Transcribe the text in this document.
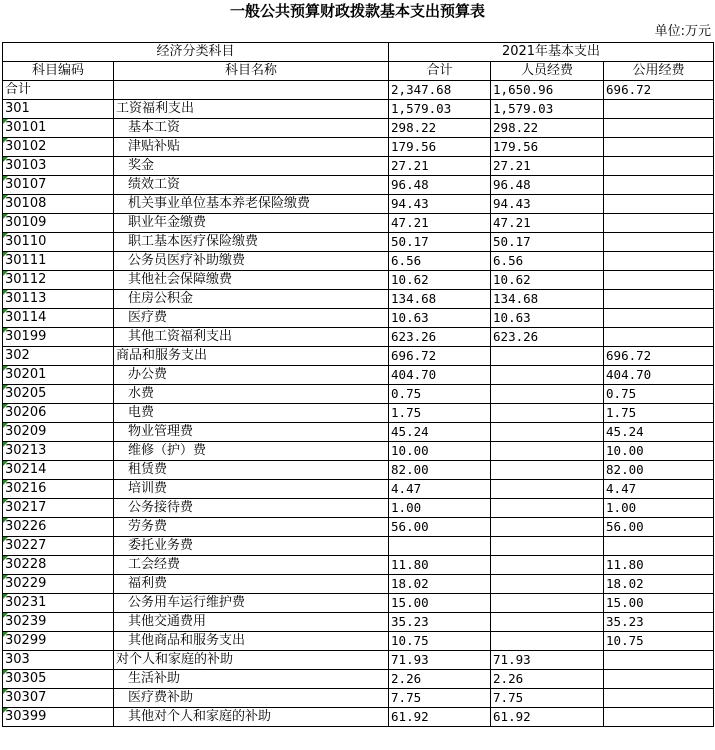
一般公共预算财政拨款基本支出预算表
单位:万元
经济分类科目		2021年基本支出		
科目编码	科目名称	合计	人员经费	公用经费
合计		2,347.68	1,650.96	696.72
301	工资福利支出	1,579.03	1,579.03	
30101	基本工资	298.22	298.22	
30102	津贴补贴	179.56	179.56	
30103	奖金	27.21	27.21	
30107	绩效工资	96.48	96.48	
30108	机关事业单位基本养老保险缴费	94.43	94.43	
30109	职业年金缴费	47.21	47.21	
30110	职工基本医疗保险缴费	50.17	50.17	
30111	公务员医疗补助缴费	6.56	6.56	
30112	其他社会保障缴费	10.62	10.62	
30113	住房公积金	134.68	134.68	
30114	医疗费	10.63	10.63	
30199	其他工资福利支出	623.26	623.26	
302	商品和服务支出	696.72		696.72
30201	办公费	404.70		404.70
30205	水费	0.75		0.75
30206	电费	1.75		1.75
30209	物业管理费	45.24		45.24
30213	维修（护）费	10.00		10.00
30214	租赁费	82.00		82.00
30216	培训费	4.47		4.47
30217	公务接待费	1.00		1.00
30226	劳务费	56.00		56.00
30227	委托业务费			
30228	工会经费	11.80		11.80
30229	福利费	18.02		18.02
30231	公务用车运行维护费	15.00		15.00
30239	其他交通费用	35.23		35.23
30299	其他商品和服务支出	10.75		10.75
303	对个人和家庭的补助	71.93	71.93	
30305	生活补助	2.26	2.26	
30307	医疗费补助	7.75	7.75	
30399	其他对个人和家庭的补助	61.92	61.92	
